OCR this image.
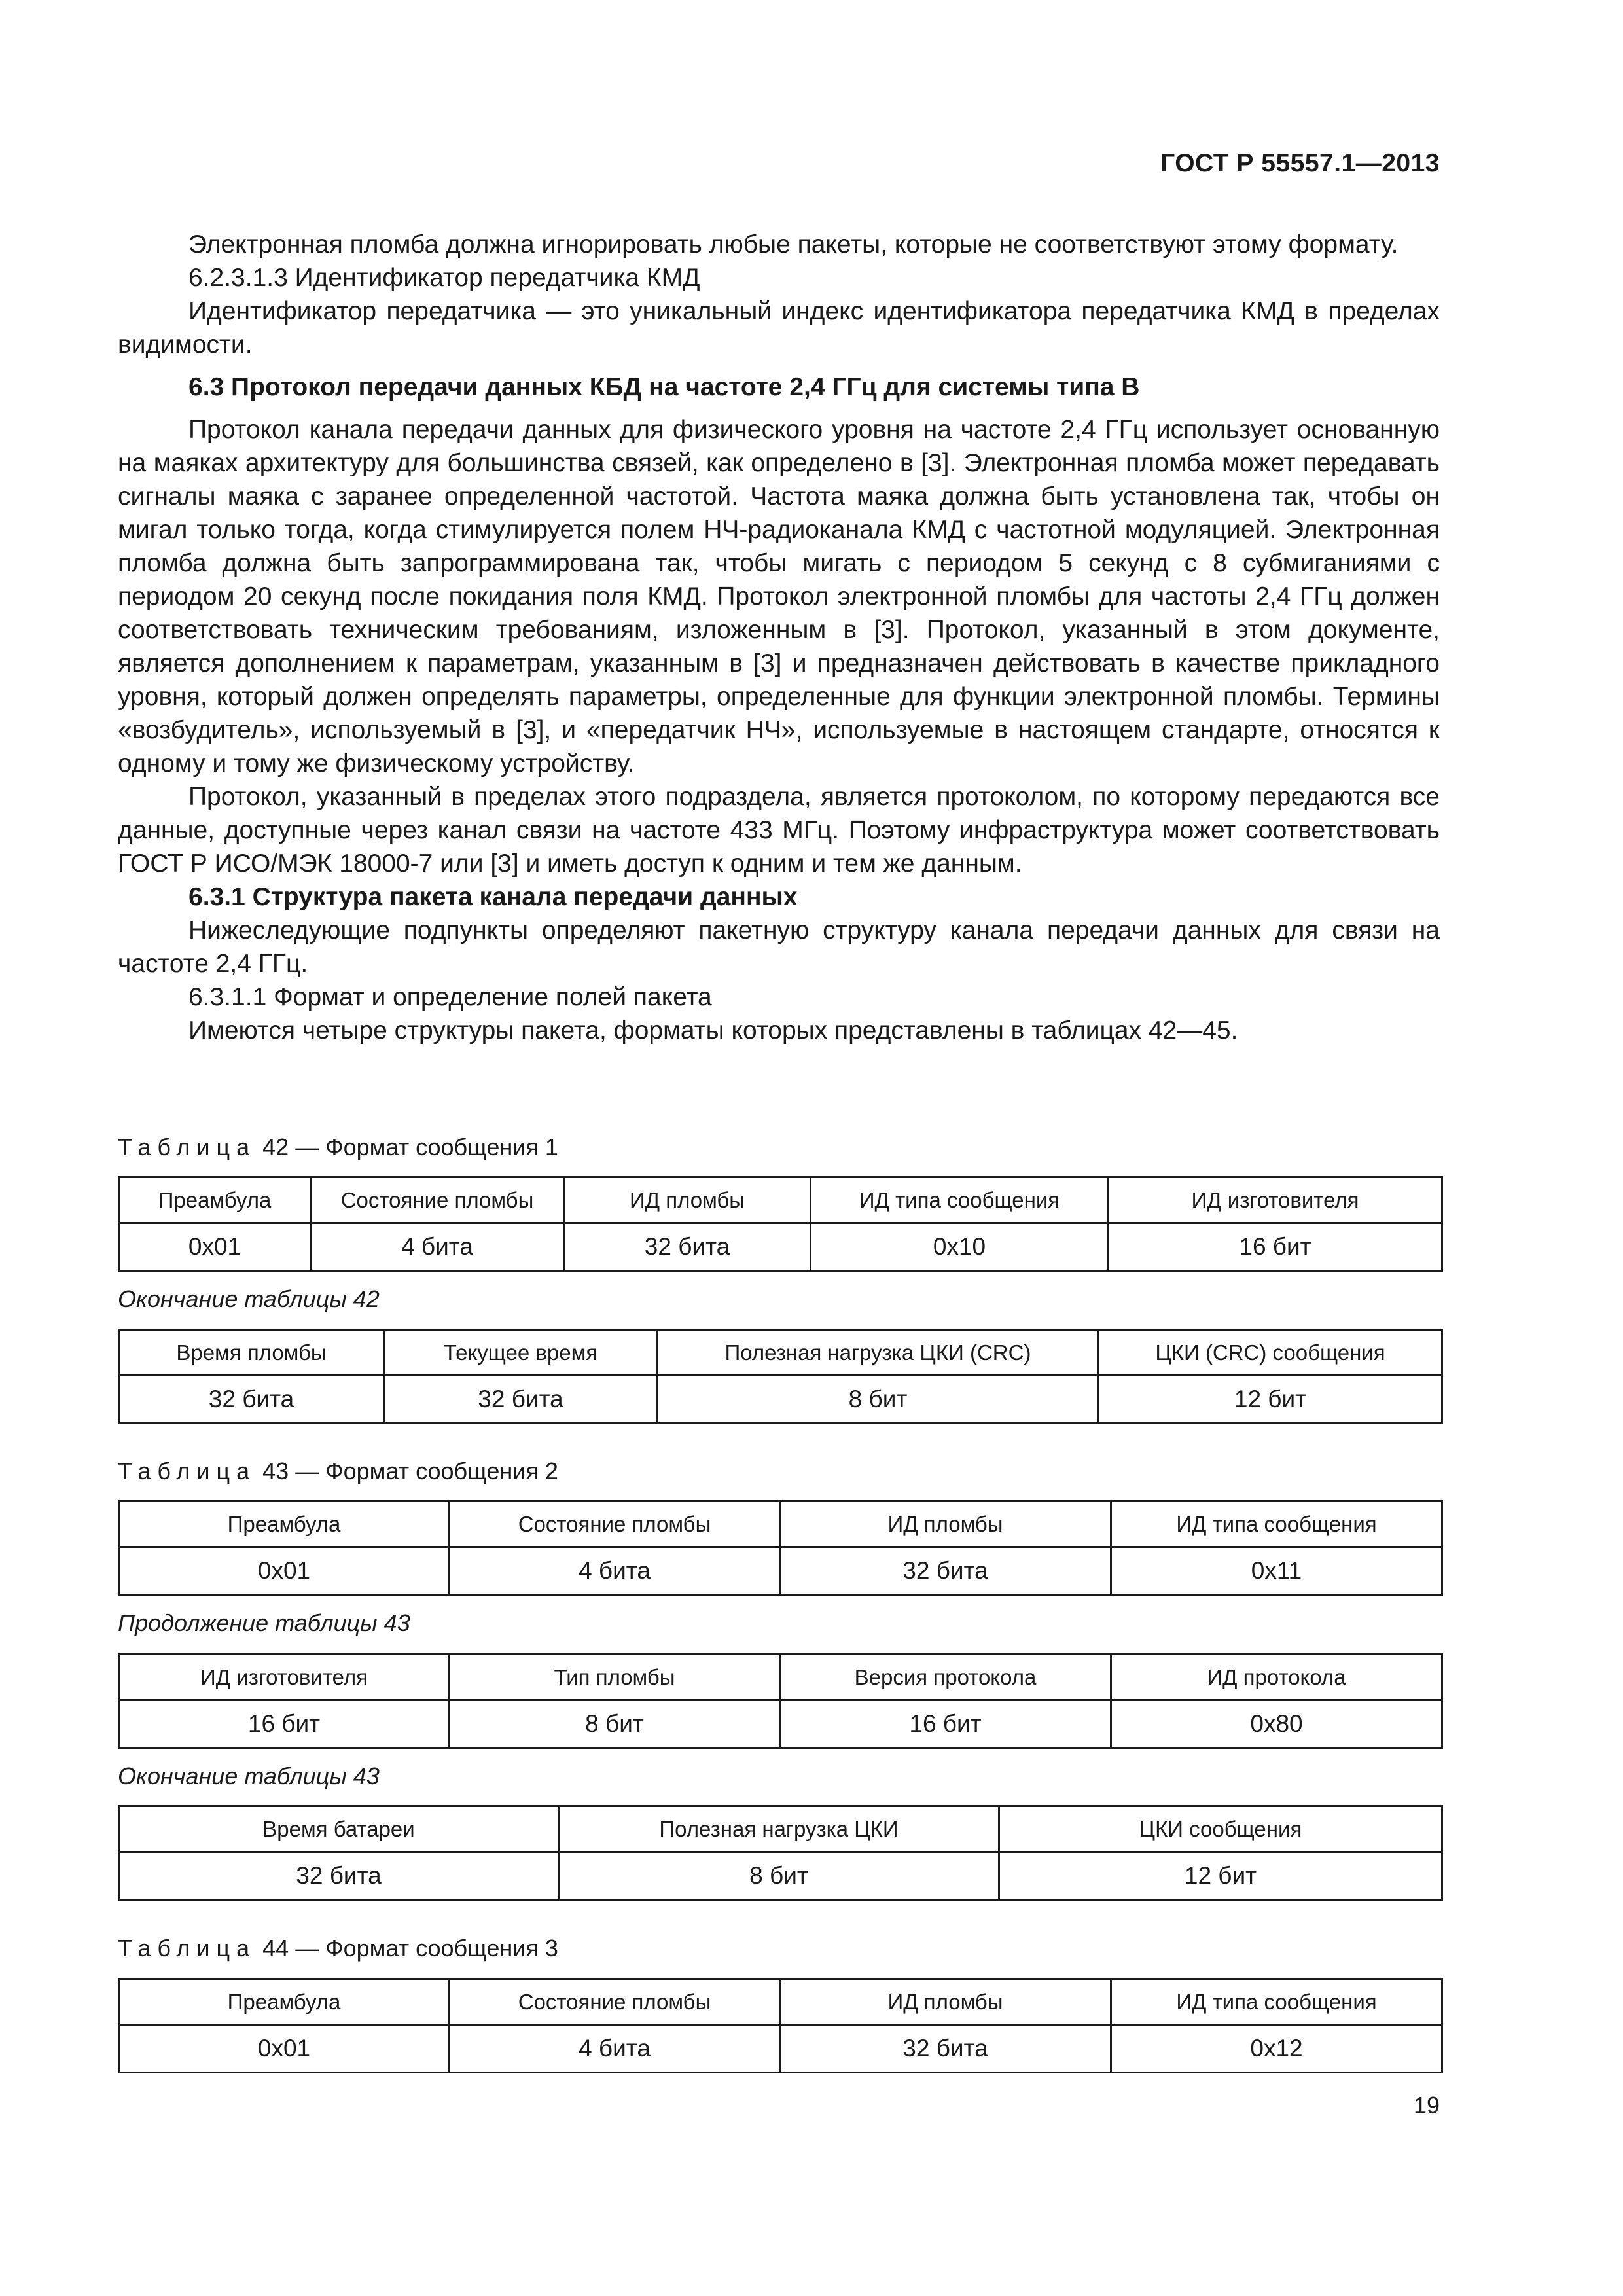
ГОСТ Р 55557.1—2013

Электронная пломба должна игнорировать любые пакеты, которые не соответствуют этому формату.

6.2.3.1.3 Идентификатор передатчика КМД

Идентификатор передатчика — это уникальный индекс идентификатора передатчика КМД в пределах видимости.

6.3 Протокол передачи данных КБД на частоте 2,4 ГГц для системы типа В

Протокол канала передачи данных для физического уровня на частоте 2,4 ГГц использует основанную на маяках архитектуру для большинства связей, как определено в [3]. Электронная пломба может передавать сигналы маяка с заранее определенной частотой. Частота маяка должна быть установлена так, чтобы он мигал только тогда, когда стимулируется полем НЧ-радиоканала КМД с частотной модуляцией. Электронная пломба должна быть запрограммирована так, чтобы мигать с периодом 5 секунд с 8 субмиганиями с периодом 20 секунд после покидания поля КМД. Протокол электронной пломбы для частоты 2,4 ГГц должен соответствовать техническим требованиям, изложенным в [3]. Протокол, указанный в этом документе, является дополнением к параметрам, указанным в [3] и предназначен действовать в качестве прикладного уровня, который должен определять параметры, определенные для функции электронной пломбы. Термины «возбудитель», используемый в [3], и «передатчик НЧ», используемые в настоящем стандарте, относятся к одному и тому же физическому устройству.

Протокол, указанный в пределах этого подраздела, является протоколом, по которому передаются все данные, доступные через канал связи на частоте 433 МГц. Поэтому инфраструктура может соответствовать ГОСТ Р ИСО/МЭК 18000-7 или [3] и иметь доступ к одним и тем же данным.

6.3.1 Структура пакета канала передачи данных

Нижеследующие подпункты определяют пакетную структуру канала передачи данных для связи на частоте 2,4 ГГц.

6.3.1.1 Формат и определение полей пакета

Имеются четыре структуры пакета, форматы которых представлены в таблицах 42—45.

Таблица 42 — Формат сообщения 1
Преамбула	Состояние пломбы	ИД пломбы	ИД типа сообщения	ИД изготовителя
0x01	4 бита	32 бита	0x10	16 бит
Окончание таблицы 42
Время пломбы	Текущее время	Полезная нагрузка ЦКИ (CRC)	ЦКИ (CRC) сообщения
32 бита	32 бита	8 бит	12 бит
Таблица 43 — Формат сообщения 2
Преамбула	Состояние пломбы	ИД пломбы	ИД типа сообщения
0x01	4 бита	32 бита	0x11
Продолжение таблицы 43
ИД изготовителя	Тип пломбы	Версия протокола	ИД протокола
16 бит	8 бит	16 бит	0x80
Окончание таблицы 43
Время батареи	Полезная нагрузка ЦКИ	ЦКИ сообщения
32 бита	8 бит	12 бит
Таблица 44 — Формат сообщения 3
Преамбула	Состояние пломбы	ИД пломбы	ИД типа сообщения
0x01	4 бита	32 бита	0x12
19
